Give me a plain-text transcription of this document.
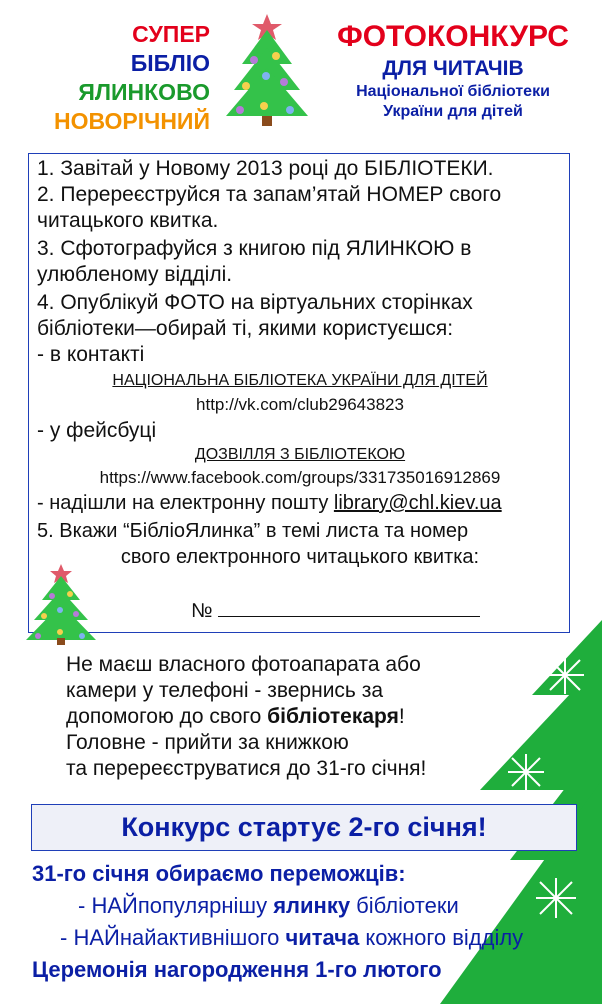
СУПЕР
БІБЛІО
ЯЛИНКОВО
НОВОРІЧНИЙ
ФОТОКОНКУРС
ДЛЯ ЧИТАЧІВ
Національної бібліотеки
України для дітей
1. Завітай у Новому 2013 році до БІБЛІОТЕКИ.
2. Перереєструйся та запам’ятай НОМЕР свого
читацького квитка.
3. Сфотографуйся з книгою під ЯЛИНКОЮ в
улюбленому відділі.
4. Опублікуй ФОТО на віртуальних сторінках
бібліотеки—обирай ті, якими користуєшся:
- в контакті
НАЦІОНАЛЬНА БІБЛІОТЕКА УКРАЇНИ ДЛЯ ДІТЕЙ
http://vk.com/club29643823
- у фейсбуці
ДОЗВІЛЛЯ З БІБЛІОТЕКОЮ
https://www.facebook.com/groups/331735016912869
- надішли на електронну пошту library@chl.kiev.ua
5. Вкажи “БібліоЯлинка” в темі листа та номер
свого електронного читацького квитка:
№
Не маєш власного фотоапарата або
камери у телефоні - звернись за
допомогою до свого бібліотекаря!
Головне - прийти за книжкою
та перереєструватися до 31-го січня!
Конкурс стартує 2-го січня!
31-го січня обираємо переможців:
- НАЙпопулярнішу ялинку бібліотеки
- НАЙнайактивнішого читача кожного відділу
Церемонія нагородження 1-го лютого
